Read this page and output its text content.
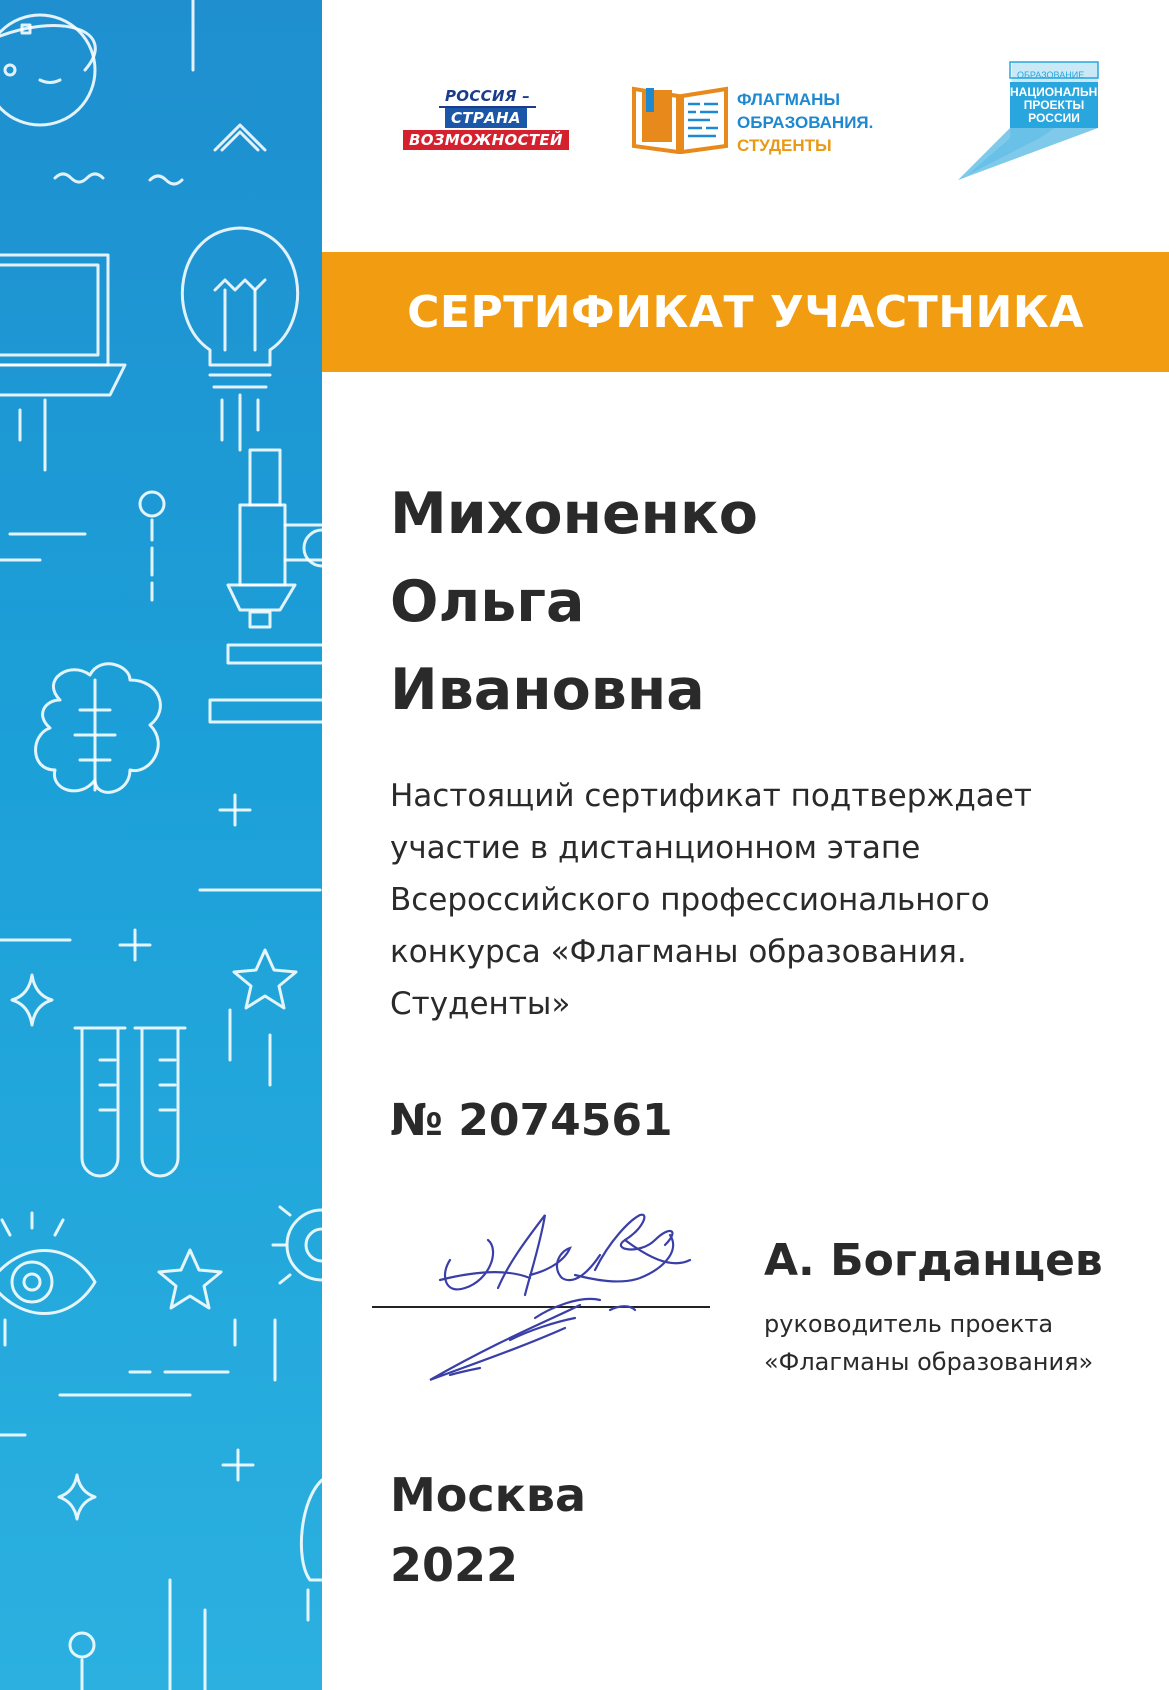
РОССИЯ –
СТРАНА
ВОЗМОЖНОСТЕЙ
ФЛАГМАНЫ
ОБРАЗОВАНИЯ.
СТУДЕНТЫ
ОБРАЗОВАНИЕ
НАЦИОНАЛЬНЫЕ
ПРОЕКТЫ
РОССИИ
СЕРТИФИКАТ УЧАСТНИКА
Михоненко
Ольга
Ивановна
Настоящий сертификат подтверждает
участие в дистанционном этапе
Всероссийского профессионального
конкурса «Флагманы образования.
Студенты»
№ 2074561
А. Богданцев
руководитель проекта
«Флагманы образования»
Москва
2022
